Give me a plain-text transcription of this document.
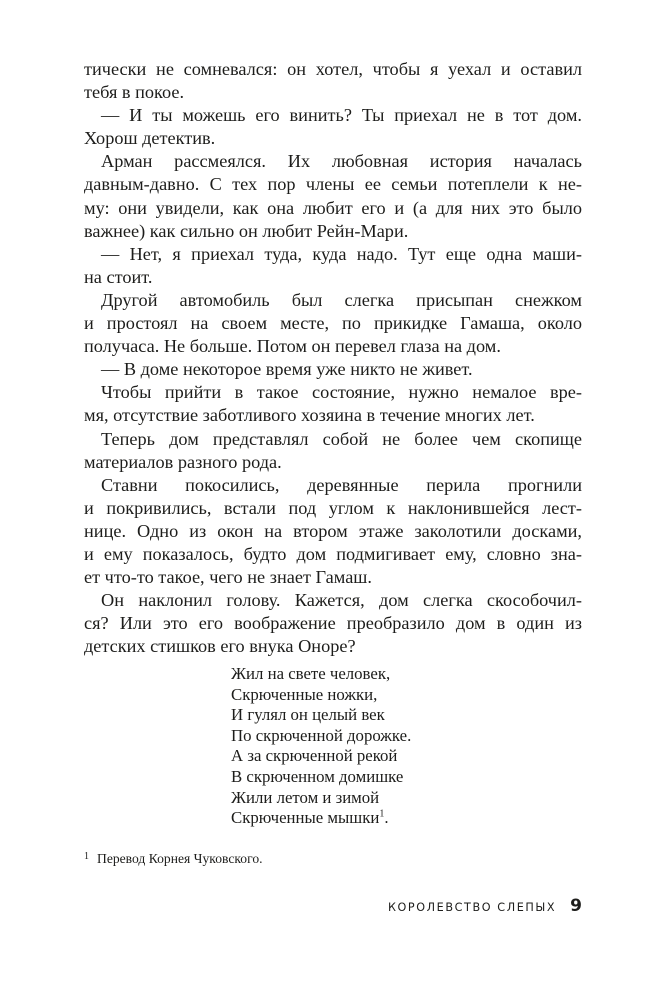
тически не сомневался: он хотел, чтобы я уехал и оставил
тебя в покое.
— И ты можешь его винить? Ты приехал не в тот дом.
Хорош детектив.
Арман рассмеялся. Их любовная история началась
давным-давно. С тех пор члены ее семьи потеплели к не-
му: они увидели, как она любит его и (а для них это было
важнее) как сильно он любит Рейн-Мари.
— Нет, я приехал туда, куда надо. Тут еще одна маши-
на стоит.
Другой автомобиль был слегка присыпан снежком
и простоял на своем месте, по прикидке Гамаша, около
получаса. Не больше. Потом он перевел глаза на дом.
— В доме некоторое время уже никто не живет.
Чтобы прийти в такое состояние, нужно немалое вре-
мя, отсутствие заботливого хозяина в течение многих лет.
Теперь дом представлял собой не более чем скопище
материалов разного рода.
Ставни покосились, деревянные перила прогнили
и покривились, встали под углом к наклонившейся лест-
нице. Одно из окон на втором этаже заколотили досками,
и ему показалось, будто дом подмигивает ему, словно зна-
ет что-то такое, чего не знает Гамаш.
Он наклонил голову. Кажется, дом слегка скособочил-
ся? Или это его воображение преобразило дом в один из
детских стишков его внука Оноре?
Жил на свете человек,
Скрюченные ножки,
И гулял он целый век
По скрюченной дорожке.
А за скрюченной рекой
В скрюченном домишке
Жили летом и зимой
Скрюченные мышки$^1$.
$^1$ Перевод Корнея Чуковского.
КОРОЛЕВСТВО СЛЕПЫХ 9
